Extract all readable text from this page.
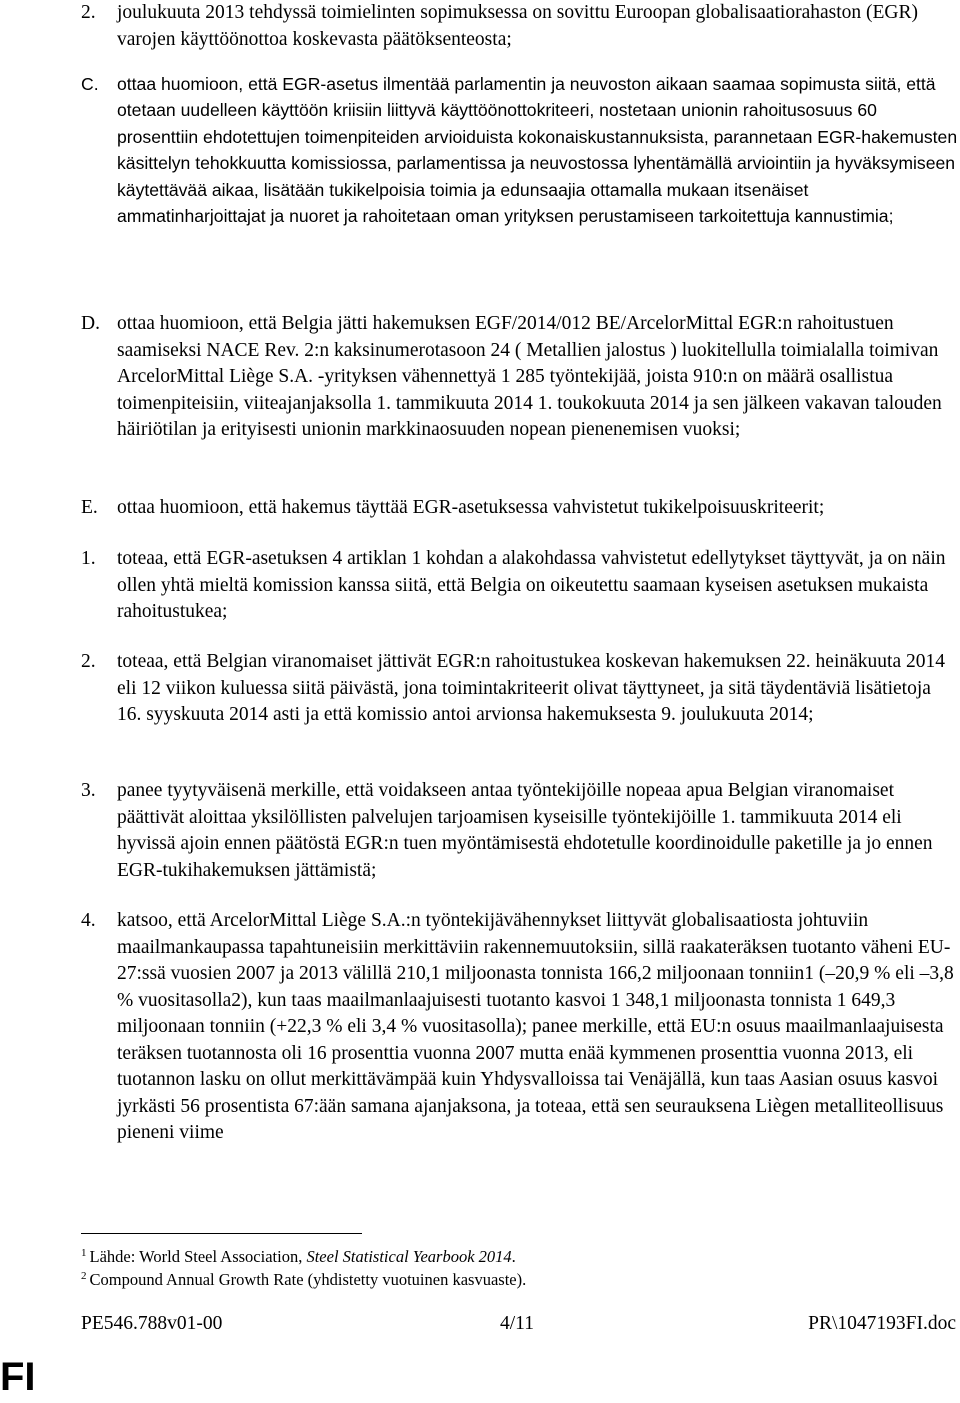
2.	joulukuuta 2013 tehdyssä toimielinten sopimuksessa on sovittu Euroopan globalisaatiorahaston (EGR) varojen käyttöönottoa koskevasta päätöksenteosta;
C.	ottaa huomioon, että EGR-asetus ilmentää parlamentin ja neuvoston aikaan saamaa sopimusta siitä, että otetaan uudelleen käyttöön kriisiin liittyvä käyttöönottokriteeri, nostetaan unionin rahoitusosuus 60 prosenttiin ehdotettujen toimenpiteiden arvioiduista kokonaiskustannuksista, parannetaan EGR-hakemusten käsittelyn tehokkuutta komissiossa, parlamentissa ja neuvostossa lyhentämällä arviointiin ja hyväksymiseen käytettävää aikaa, lisätään tukikelpoisia toimia ja edunsaajia ottamalla mukaan itsenäiset ammatinharjoittajat ja nuoret ja rahoitetaan oman yrityksen perustamiseen tarkoitettuja kannustimia;
D. ottaa huomioon, että Belgia jätti hakemuksen EGF/2014/012 BE/ArcelorMittal EGR:n rahoitustuen saamiseksi NACE Rev. 2:n kaksinumerotasoon 24 ( Metallien jalostus ) luokitellulla toimialalla toimivan ArcelorMittal Liège S.A. -yrityksen vähennettyä 1 285 työntekijää, joista 910:n on määrä osallistua toimenpiteisiin, viiteajanjaksolla 1. tammikuuta 2014 1. toukokuuta 2014 ja sen jälkeen vakavan talouden häiriötilan ja erityisesti unionin markkinaosuuden nopean pienenemisen vuoksi;
E. ottaa huomioon, että hakemus täyttää EGR-asetuksessa vahvistetut tukikelpoisuuskriteerit;
1.	toteaa, että EGR-asetuksen 4 artiklan 1 kohdan a alakohdassa vahvistetut edellytykset täyttyvät, ja on näin ollen yhtä mieltä komission kanssa siitä, että Belgia on oikeutettu saamaan kyseisen asetuksen mukaista rahoitustukea;
2.	toteaa, että Belgian viranomaiset jättivät EGR:n rahoitustukea koskevan hakemuksen 22. heinäkuuta 2014 eli 12 viikon kuluessa siitä päivästä, jona toimintakriteerit olivat täyttyneet, ja sitä täydentäviä lisätietoja 16. syyskuuta 2014 asti ja että komissio antoi arvionsa hakemuksesta 9. joulukuuta 2014;
3.	panee tyytyväisenä merkille, että voidakseen antaa työntekijöille nopeaa apua Belgian viranomaiset päättivät aloittaa yksilöllisten palvelujen tarjoamisen kyseisille työntekijöille 1. tammikuuta 2014 eli hyvissä ajoin ennen päätöstä EGR:n tuen myöntämisestä ehdotetulle koordinoidulle paketille ja jo ennen EGR-tukihakemuksen jättämistä;
4.	katsoo, että ArcelorMittal Liège S.A.:n työntekijävähennykset liittyvät globalisaatiosta johtuviin maailmankaupassa tapahtuneisiin merkittäviin rakennemuutoksiin, sillä raakateräksen tuotanto väheni EU-27:ssä vuosien 2007 ja 2013 välillä 210,1 miljoonasta tonnista 166,2 miljoonaan tonniin1 (–20,9 % eli –3,8 % vuositasolla2), kun taas maailmanlaajuisesti tuotanto kasvoi 1 348,1 miljoonasta tonnista 1 649,3 miljoonaan tonniin (+22,3 % eli 3,4 % vuositasolla); panee merkille, että EU:n osuus maailmanlaajuisesta teräksen tuotannosta oli 16 prosenttia vuonna 2007 mutta enää kymmenen prosenttia vuonna 2013, eli tuotannon lasku on ollut merkittävämpää kuin Yhdysvalloissa tai Venäjällä, kun taas Aasian osuus kasvoi jyrkästi 56 prosentista 67:ään samana ajanjaksona, ja toteaa, että sen seurauksena Liègen metalliteollisuus pieneni viime
$^1$ Lähde: World Steel Association, Steel Statistical Yearbook 2014.
$^2$ Compound Annual Growth Rate (yhdistetty vuotuinen kasvuaste).
PE546.788v01-00	4/11	PR\1047193FI.doc
FI
